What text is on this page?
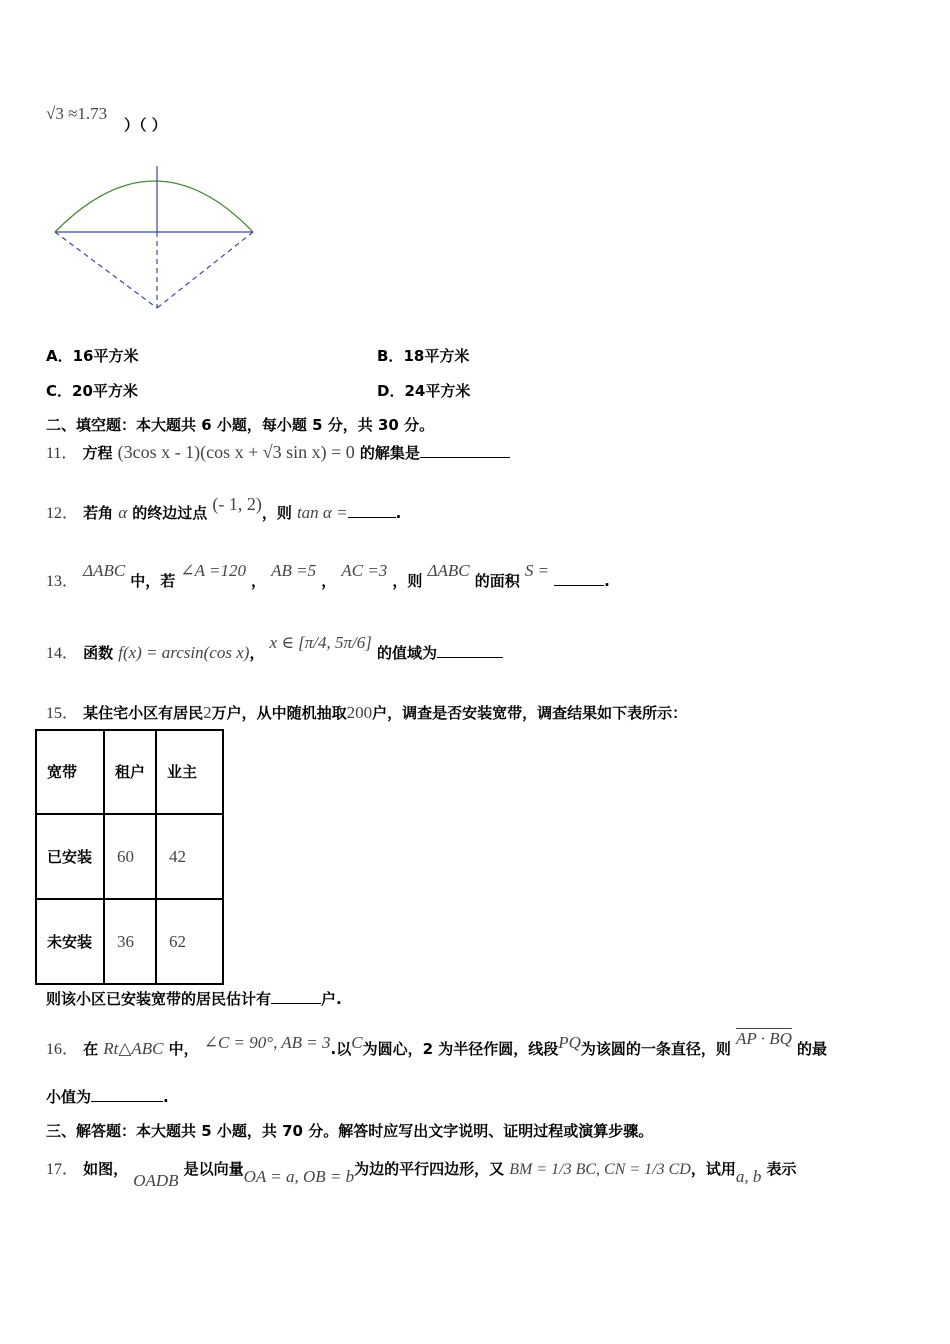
√3 ≈1.73
）（ ）
A．16平方米	B．18平方米
C．20平方米	D．24平方米
二、填空题：本大题共 6 小题，每小题 5 分，共 30 分。
11． 方程 (3cos x - 1)(cos x + √3 sin x) = 0 的解集是
12． 若角 α 的终边过点 (- 1, 2)，则 tan α =	.
13． ΔABC 中，若 ∠A =120 ， AB =5 ， AC =3 ，则 ΔABC 的面积 S = .
14． 函数 f(x) = arcsin(cos x)， x ∈ [π/4, 5π/6] 的值域为
15． 某住宅小区有居民2万户，从中随机抽取200户，调查是否安装宽带，调查结果如下表所示：
宽带	租户	业主
已安装	60	42
未安装	36	62
则该小区已安装宽带的居民估计有	户.
16． 在 Rt△ABC 中， ∠C = 90°, AB = 3.以C为圆心，2 为半径作圆，线段PQ为该圆的一条直径，则 AP · BQ 的最
小值为	.
三、解答题：本大题共 5 小题，共 70 分。解答时应写出文字说明、证明过程或演算步骤。
17． 如图， OADB 是以向量OA = a, OB = b为边的平行四边形，又 BM = 1/3 BC, CN = 1/3 CD，试用a, b 表示
